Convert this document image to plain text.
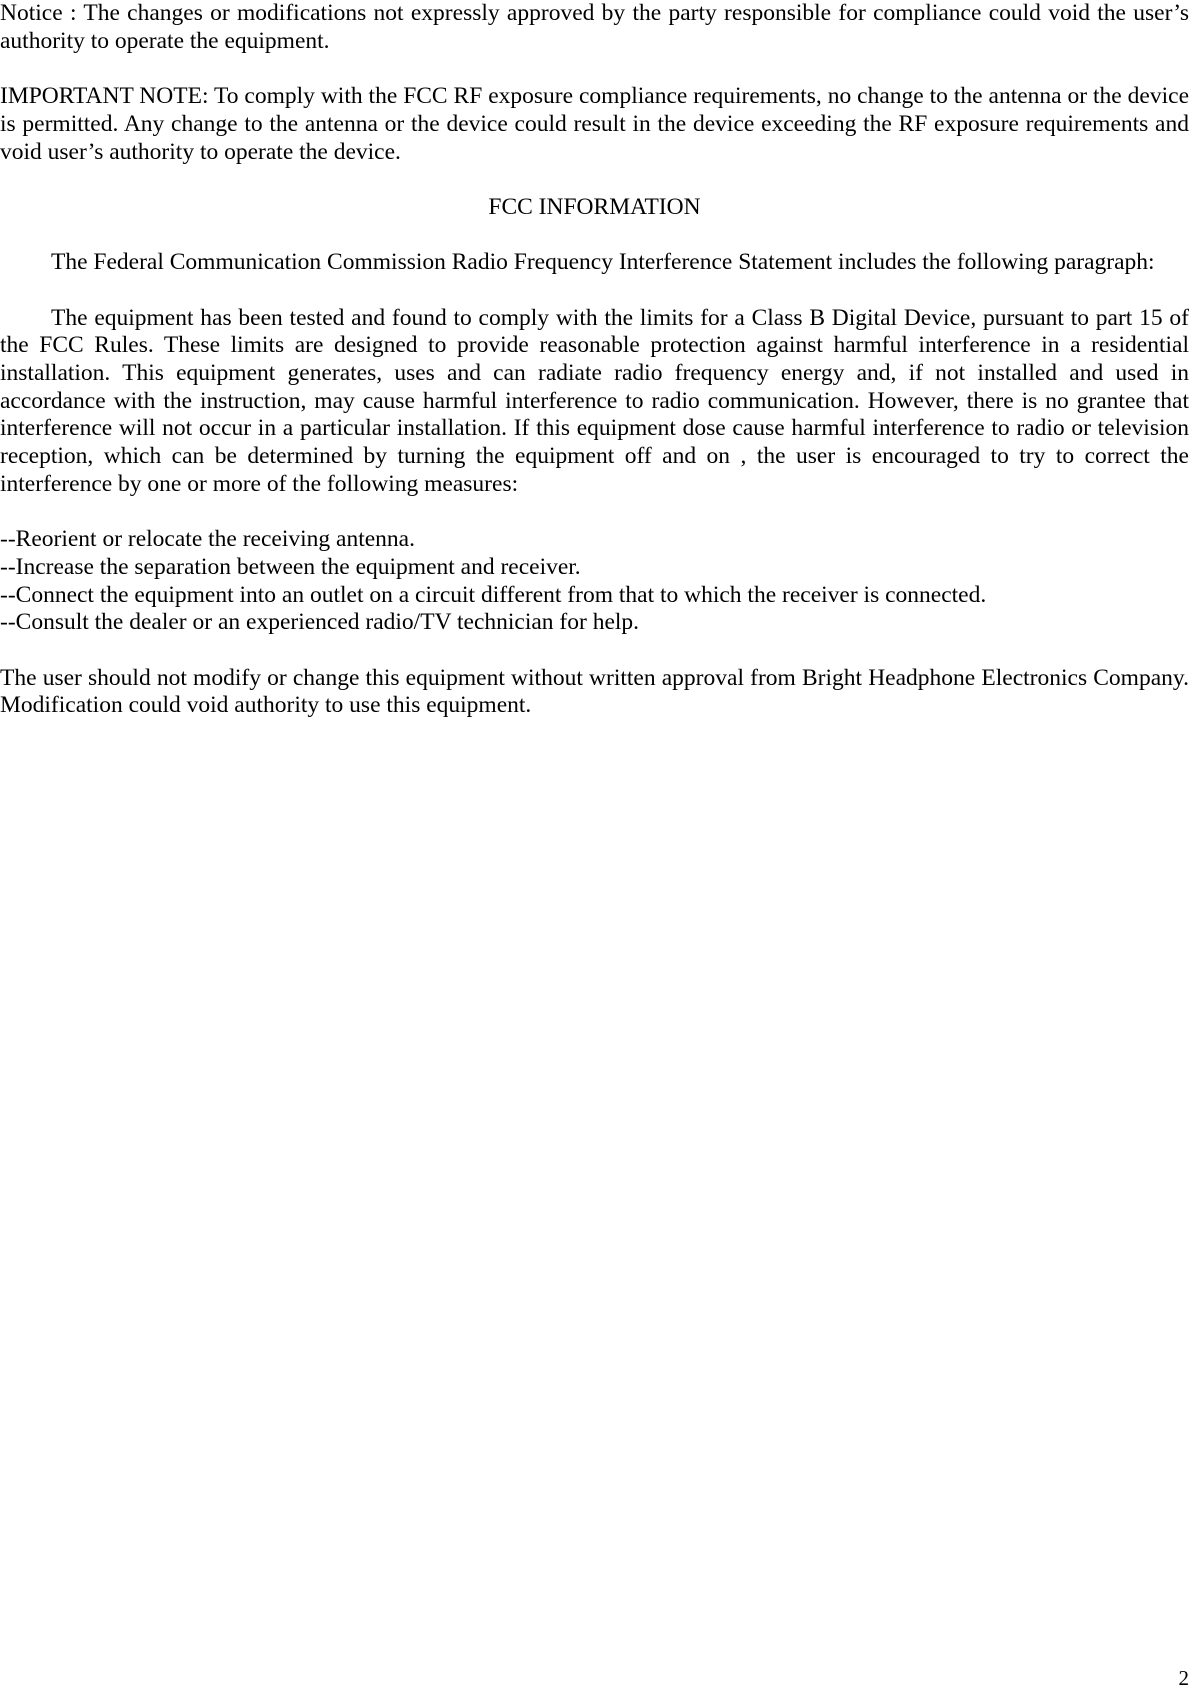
Notice : The changes or modifications not expressly approved by the party responsible for compliance could void the user’s authority to operate the equipment.

IMPORTANT NOTE: To comply with the FCC RF exposure compliance requirements, no change to the antenna or the device is permitted. Any change to the antenna or the device could result in the device exceeding the RF exposure requirements and void user’s authority to operate the device.

FCC INFORMATION

The Federal Communication Commission Radio Frequency Interference Statement includes the following paragraph:

The equipment has been tested and found to comply with the limits for a Class B Digital Device, pursuant to part 15 of the FCC Rules. These limits are designed to provide reasonable protection against harmful interference in a residential installation. This equipment generates, uses and can radiate radio frequency energy and, if not installed and used in accordance with the instruction, may cause harmful interference to radio communication. However, there is no grantee that interference will not occur in a particular installation. If this equipment dose cause harmful interference to radio or television reception, which can be determined by turning the equipment off and on , the user is encouraged to try to correct the interference by one or more of the following measures:

--Reorient or relocate the receiving antenna.

--Increase the separation between the equipment and receiver.

--Connect the equipment into an outlet on a circuit different from that to which the receiver is connected.

--Consult the dealer or an experienced radio/TV technician for help.

The user should not modify or change this equipment without written approval from Bright Headphone Electronics Company. Modification could void authority to use this equipment.

2
